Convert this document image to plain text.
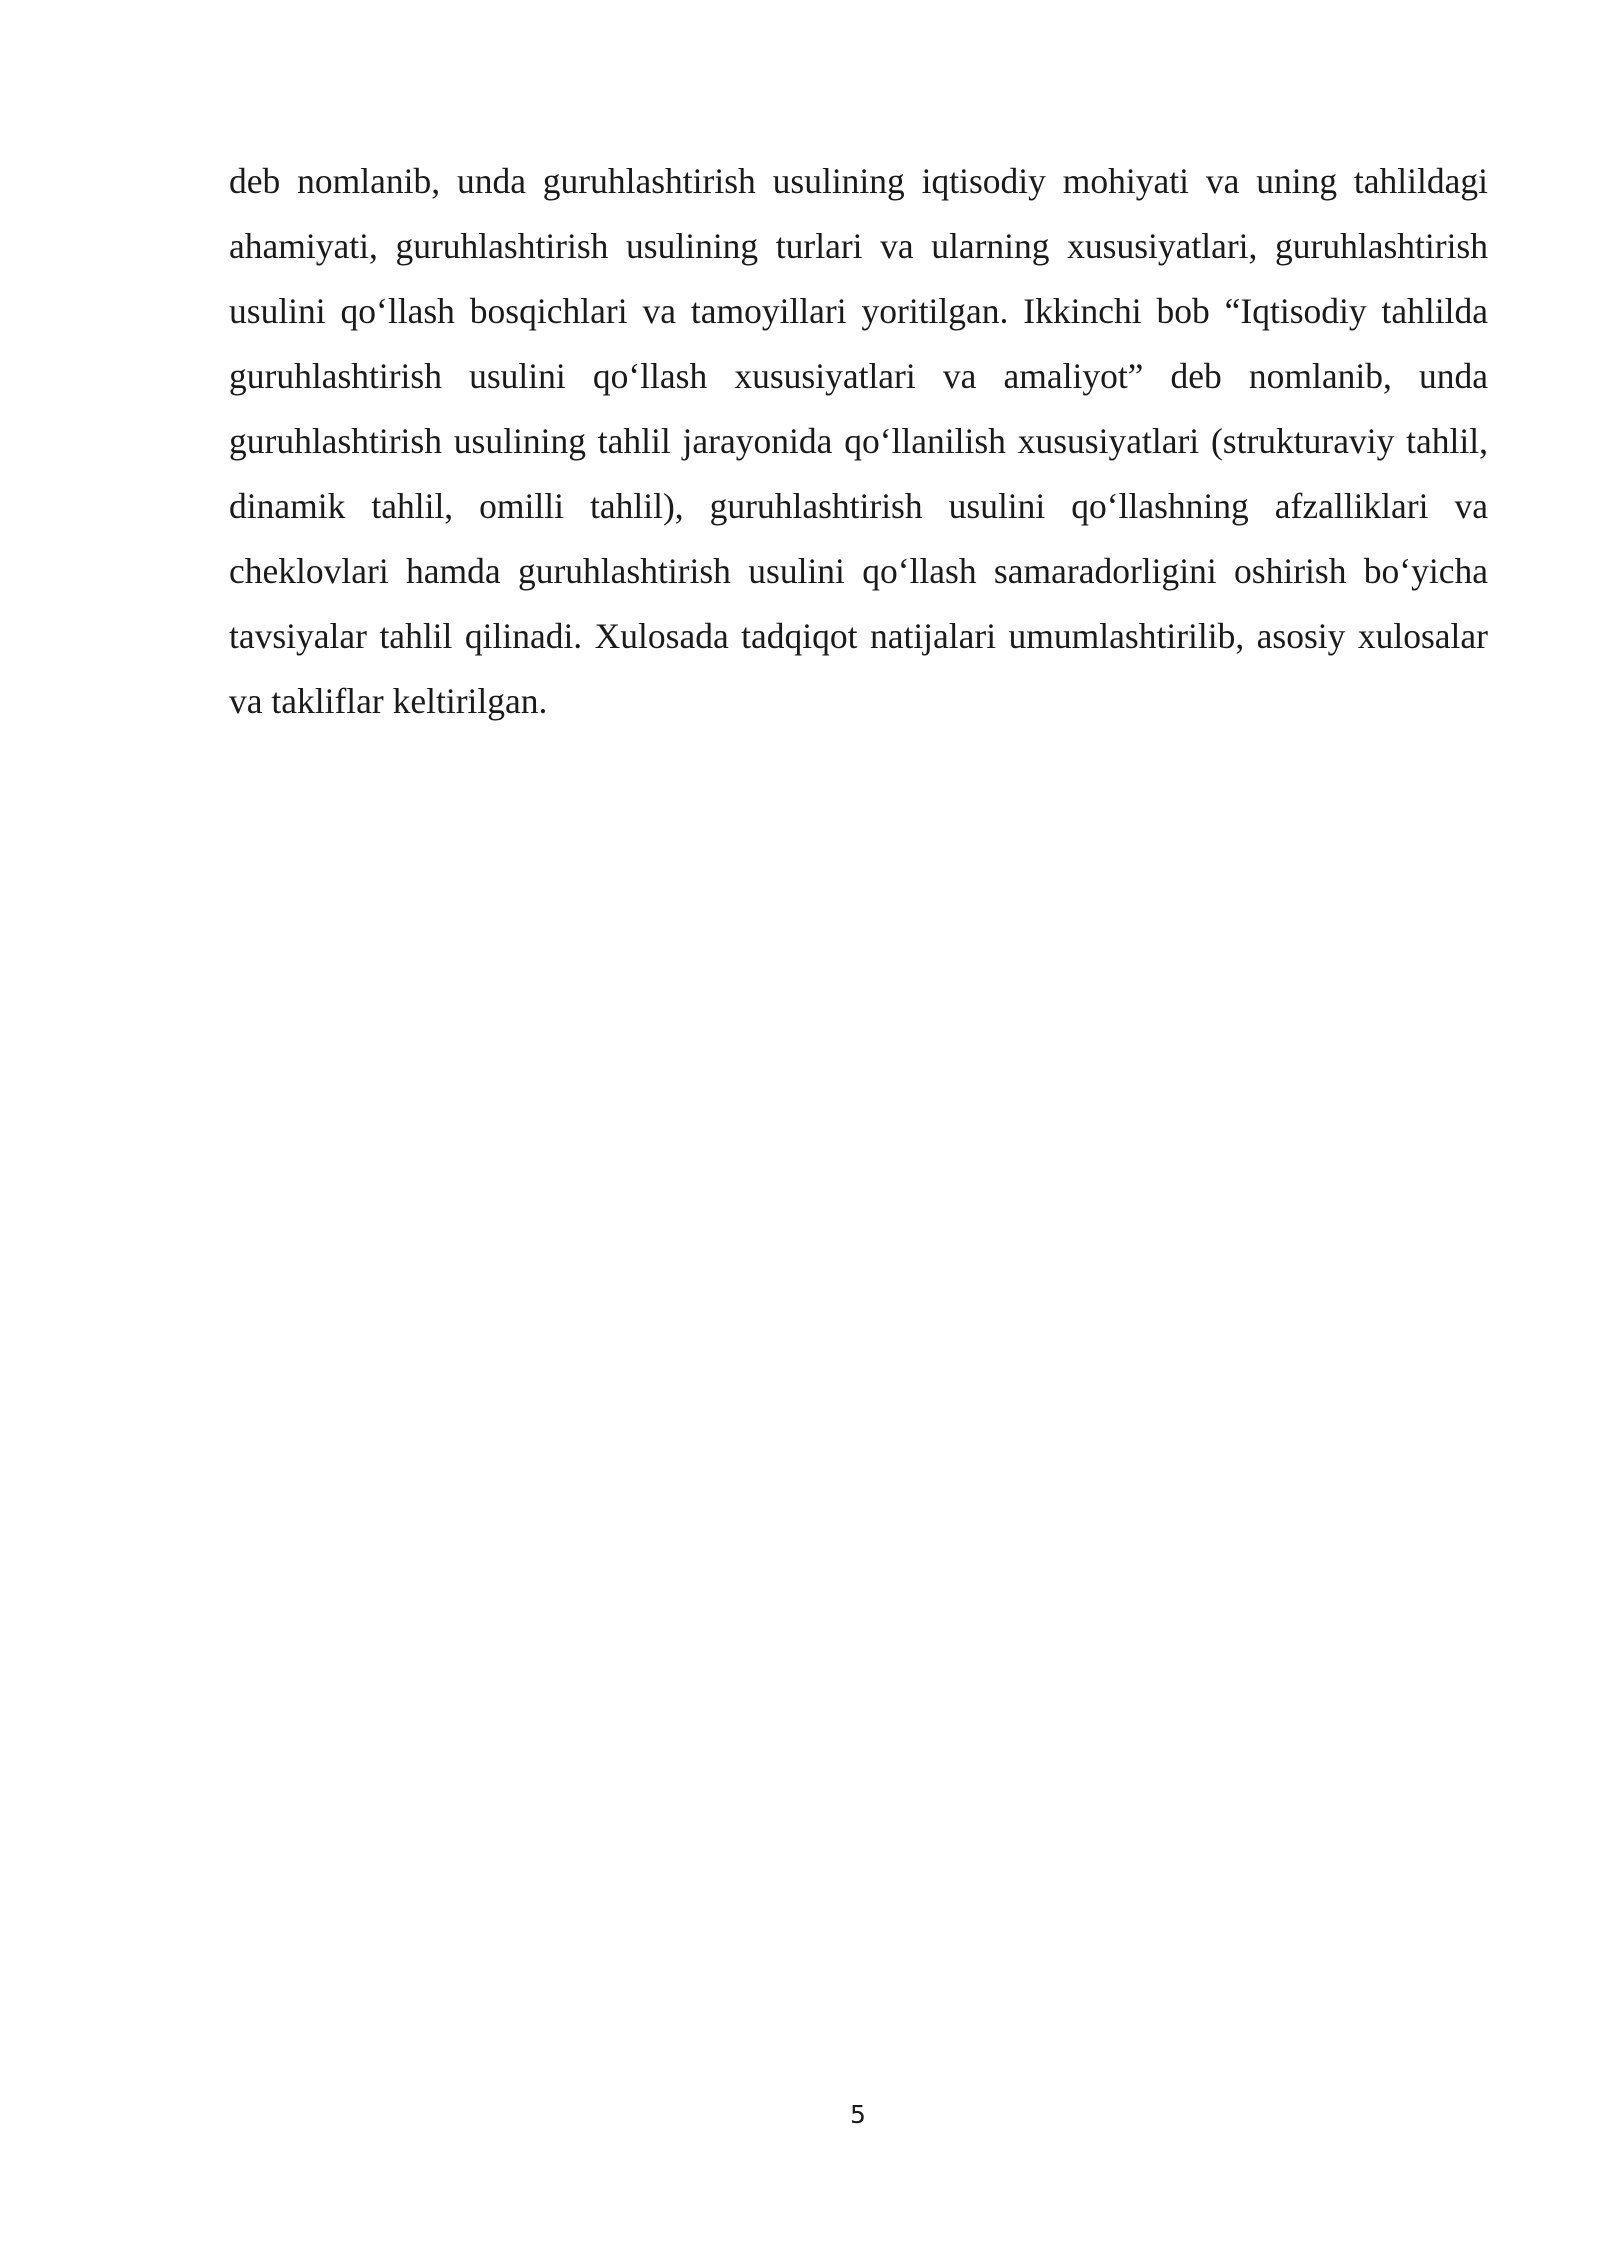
deb nomlanib, unda guruhlashtirish usulining iqtisodiy mohiyati va uning tahlildagi ahamiyati, guruhlashtirish usulining turlari va ularning xususiyatlari, guruhlashtirish usulini qo‘llash bosqichlari va tamoyillari yoritilgan. Ikkinchi bob “Iqtisodiy tahlilda guruhlashtirish usulini qo‘llash xususiyatlari va amaliyot” deb nomlanib, unda guruhlashtirish usulining tahlil jarayonida qo‘llanilish xususiyatlari (strukturaviy tahlil, dinamik tahlil, omilli tahlil), guruhlashtirish usulini qo‘llashning afzalliklari va cheklovlari hamda guruhlashtirish usulini qo‘llash samaradorligini oshirish bo‘yicha tavsiyalar tahlil qilinadi. Xulosada tadqiqot natijalari umumlashtirilib, asosiy xulosalar va takliflar keltirilgan.

5
